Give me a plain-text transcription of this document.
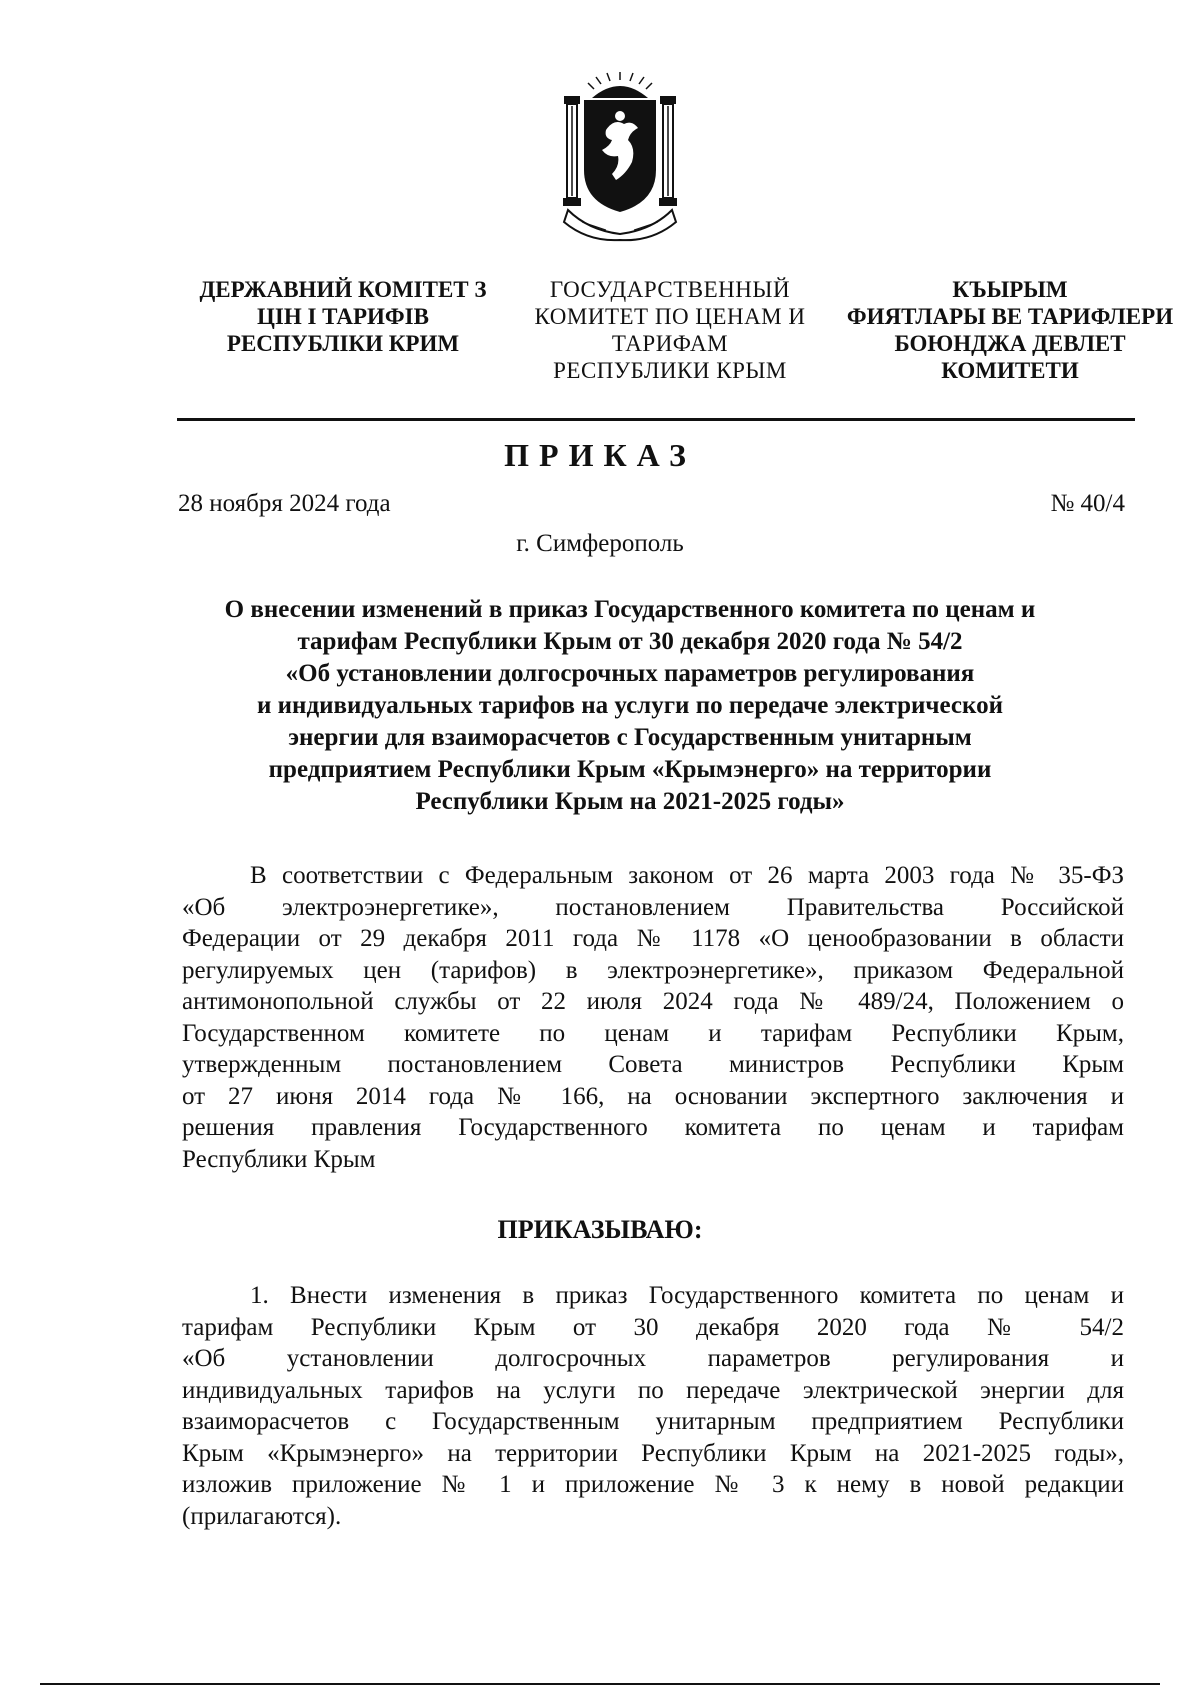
ДЕРЖАВНИЙ КОМІТЕТ З
ЦІН І ТАРИФІВ
РЕСПУБЛІКИ КРИМ
ГОСУДАРСТВЕННЫЙ
КОМИТЕТ ПО ЦЕНАМ И
ТАРИФАМ
РЕСПУБЛИКИ КРЫМ
КЪЫРЫМ
ФИЯТЛАРЫ ВЕ ТАРИФЛЕРИ
БОЮНДЖА ДЕВЛЕТ
КОМИТЕТИ
ПРИКАЗ
28 ноября 2024 года	№ 40/4
г. Симферополь
О внесении изменений в приказ Государственного комитета по ценам и
тарифам Республики Крым от 30 декабря 2020 года № 54/2
«Об установлении долгосрочных параметров регулирования
и индивидуальных тарифов на услуги по передаче электрической
энергии для взаиморасчетов с Государственным унитарным
предприятием Республики Крым «Крымэнерго» на территории
Республики Крым на 2021-2025 годы»
В соответствии с Федеральным законом от 26 марта 2003 года № 35-ФЗ
«Об электроэнергетике», постановлением Правительства Российской
Федерации от 29 декабря 2011 года № 1178 «О ценообразовании в области
регулируемых цен (тарифов) в электроэнергетике», приказом Федеральной
антимонопольной службы от 22 июля 2024 года № 489/24, Положением о
Государственном комитете по ценам и тарифам Республики Крым,
утвержденным постановлением Совета министров Республики Крым
от 27 июня 2014 года № 166, на основании экспертного заключения и
решения правления Государственного комитета по ценам и тарифам
Республики Крым
ПРИКАЗЫВАЮ:
1. Внести изменения в приказ Государственного комитета по ценам и
тарифам Республики Крым от 30 декабря 2020 года № 54/2
«Об установлении долгосрочных параметров регулирования и
индивидуальных тарифов на услуги по передаче электрической энергии для
взаиморасчетов с Государственным унитарным предприятием Республики
Крым «Крымэнерго» на территории Республики Крым на 2021-2025 годы»,
изложив приложение № 1 и приложение № 3 к нему в новой редакции
(прилагаются).
